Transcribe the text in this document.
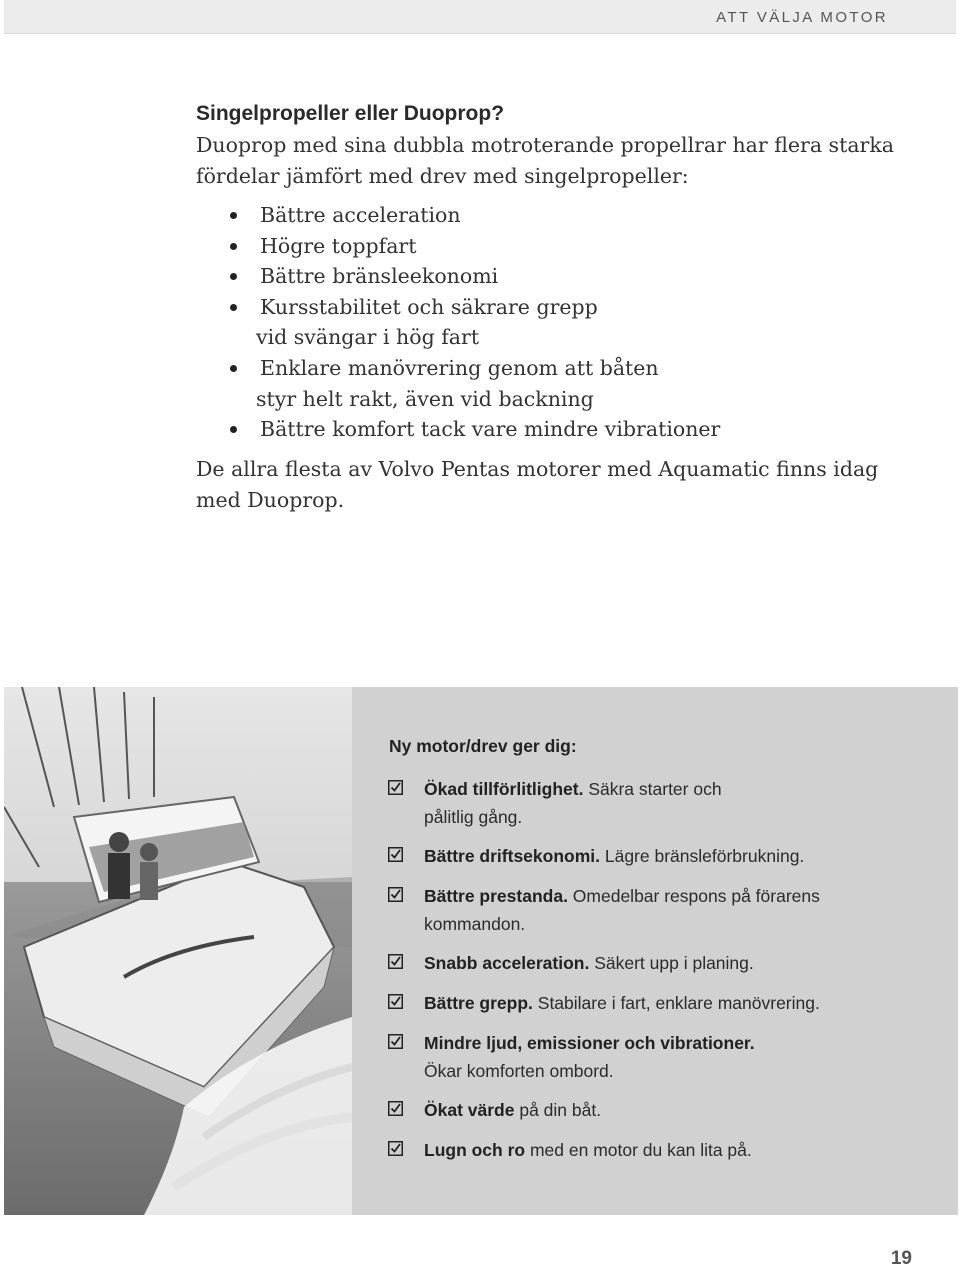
ATT VÄLJA MOTOR
Singelpropeller eller Duoprop?

Duoprop med sina dubbla motroterande propellrar har flera starka fördelar jämfört med drev med singelpropeller:

Bättre acceleration
Högre toppfart
Bättre bränsleekonomi
Kursstabilitet och säkrare grepp
vid svängar i hög fart
Enklare manövrering genom att båten
styr helt rakt, även vid backning
Bättre komfort tack vare mindre vibrationer

De allra flesta av Volvo Pentas motorer med Aquamatic finns idag med Duoprop.

Ny motor/drev ger dig:
Ökad tillförlitlighet. Säkra starter och
pålitlig gång.
Bättre driftsekonomi. Lägre bränsleförbrukning.
Bättre prestanda. Omedelbar respons på förarens
kommandon.
Snabb acceleration. Säkert upp i planing.
Bättre grepp. Stabilare i fart, enklare manövrering.
Mindre ljud, emissioner och vibrationer.
Ökar komforten ombord.
Ökat värde på din båt.
Lugn och ro med en motor du kan lita på.
19
